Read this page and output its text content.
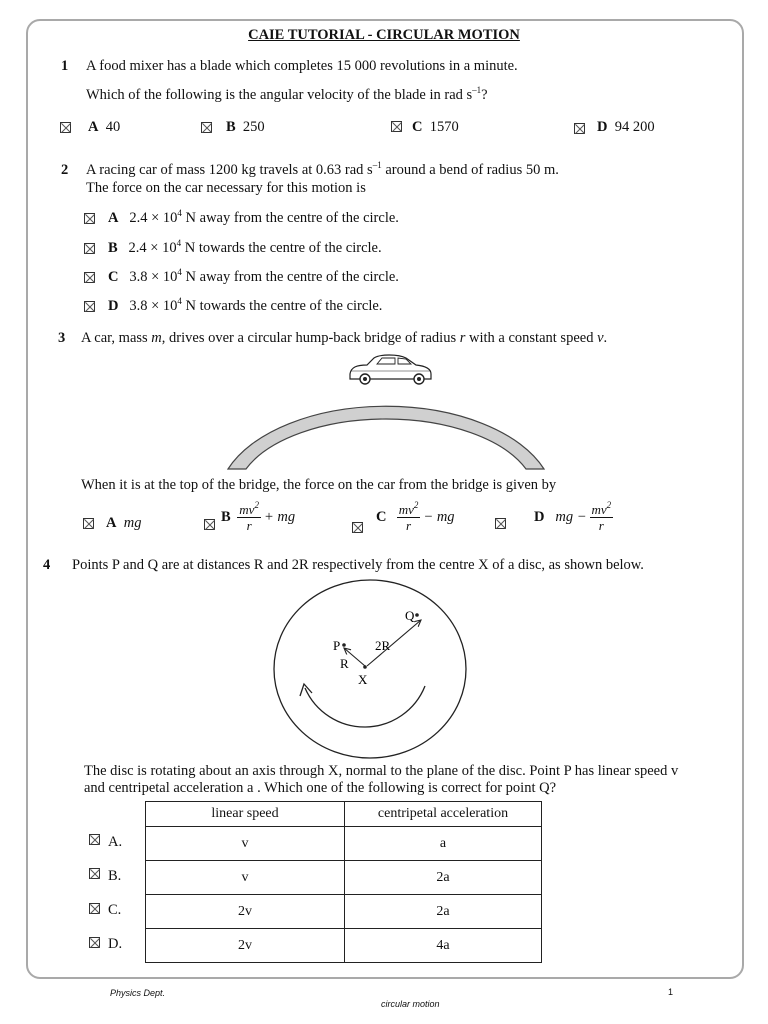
CAIE TUTORIAL - CIRCULAR MOTION
1 A food mixer has a blade which completes 15 000 revolutions in a minute.
Which of the following is the angular velocity of the blade in rad $s^{-1}$?
A 40	B 250	C 1570	D 94 200
2 A racing car of mass 1200 kg travels at 0.63 rad $s^{-1}$ around a bend of radius 50 m.
The force on the car necessary for this motion is
A $2.4 \times 10^4$ N away from the centre of the circle.
B $2.4 \times 10^4$ N towards the centre of the circle.
C $3.8 \times 10^4$ N away from the centre of the circle.
D $3.8 \times 10^4$ N towards the centre of the circle.
3 A car, mass m, drives over a circular hump-back bridge of radius r with a constant speed v.
When it is at the top of the bridge, the force on the car from the bridge is given by
A mg	B $\frac{mv^2}{r}$ + mg	C $\frac{mv^2}{r}$ − mg	D mg − $\frac{mv^2}{r}$
4 Points P and Q are at distances R and 2R respectively from the centre X of a disc, as shown below.
P
Q
2R
R
X
The disc is rotating about an axis through X, normal to the plane of the disc. Point P has linear speed v
and centripetal acceleration a . Which one of the following is correct for point Q?
linear speed	centripetal acceleration
v	a
v	2a
2v	2a
2v	4a
A.
B.
C.
D.
Physics Dept.	1
circular motion
